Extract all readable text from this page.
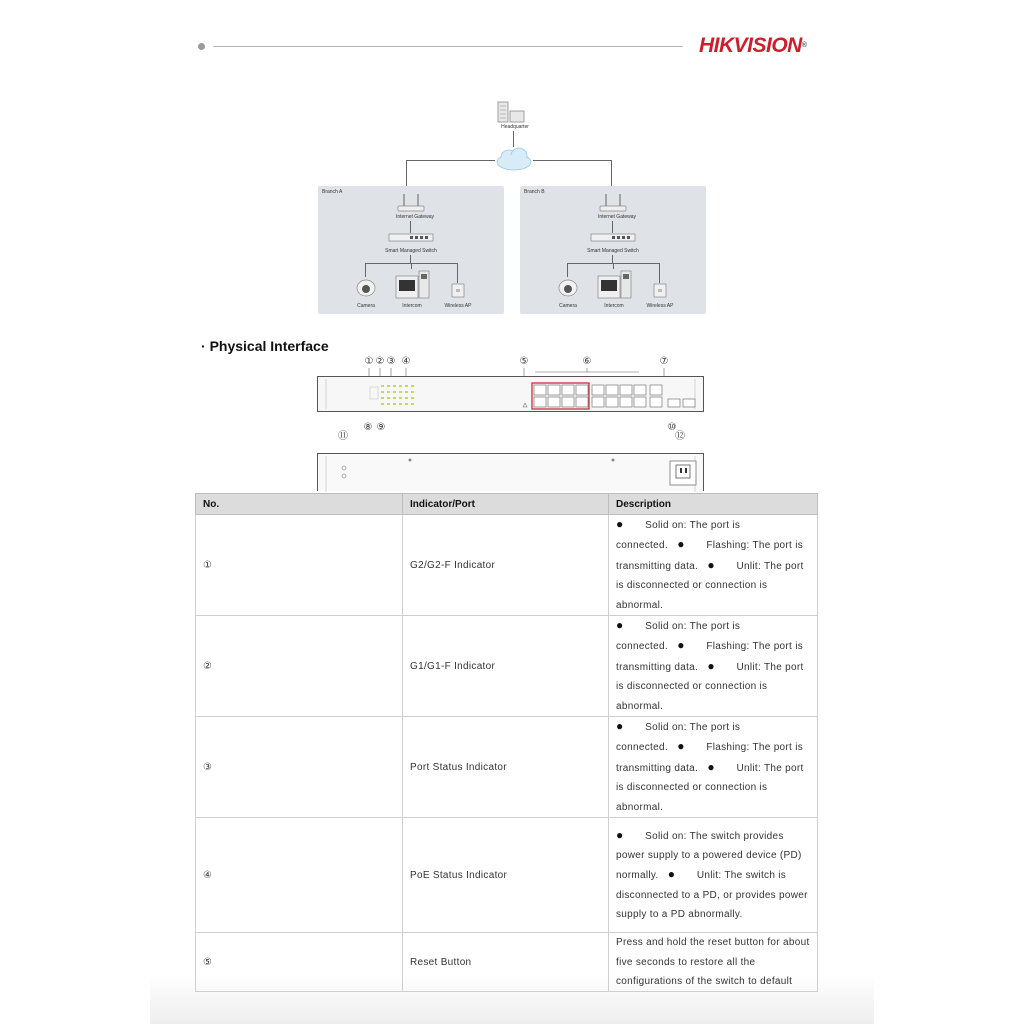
HIKVISION®
Headquarter
Branch A
Internet Gateway
Smart Managed Switch
Camera	Intercom	Wireless AP
Branch B
Internet Gateway
Smart Managed Switch
Camera	Intercom	Wireless AP
· Physical Interface
① ② ③ ④	⑤	⑥	⑦
⑧ ⑨	⑩
⑪	⑫
No.	Indicator/Port	Description
①	G2/G2-F Indicator	● Solid on: The port is connected. ● Flashing: The port is transmitting data. ● Unlit: The port is disconnected or connection is abnormal.
②	G1/G1-F Indicator	● Solid on: The port is connected. ● Flashing: The port is transmitting data. ● Unlit: The port is disconnected or connection is abnormal.
③	Port Status Indicator	● Solid on: The port is connected. ● Flashing: The port is transmitting data. ● Unlit: The port is disconnected or connection is abnormal.
④	PoE Status Indicator	● Solid on: The switch provides power supply to a powered device (PD) normally. ● Unlit: The switch is disconnected to a PD, or provides power supply to a PD abnormally.
⑤	Reset Button	Press and hold the reset button for about five seconds to restore all the configurations of the switch to default
